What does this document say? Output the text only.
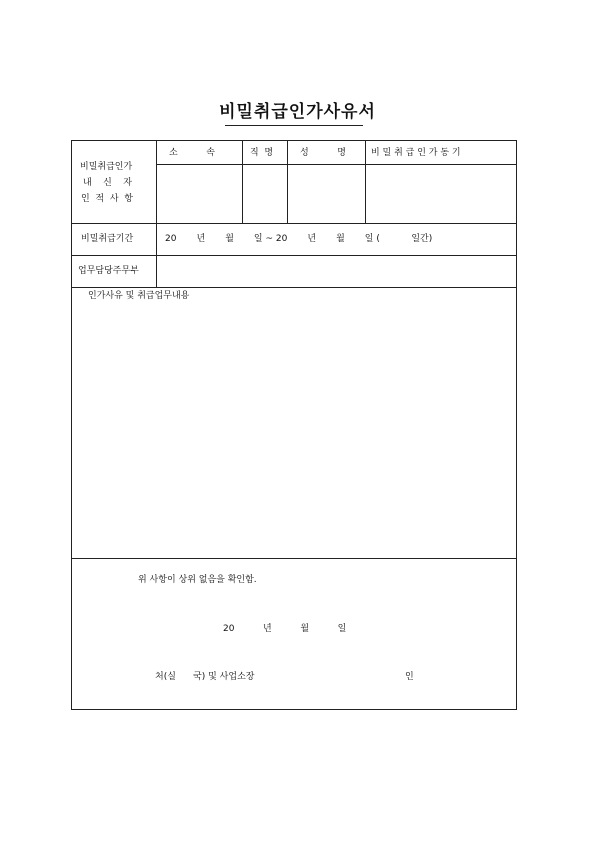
비밀취급인가사유서
비밀취급인가
내    신    자
인  적  사  항
소          속	직  명	성          명	비 밀 취 급 인 가 동 기
비밀취급기간	20       년       월       일 ~ 20       년       월       일 (           일간)
업무담당주무부
인가사유 및 취급업무내용
위 사항이 상위 없음을 확인함.
20          년          월          일
처(실      국) 및 사업소장	인
